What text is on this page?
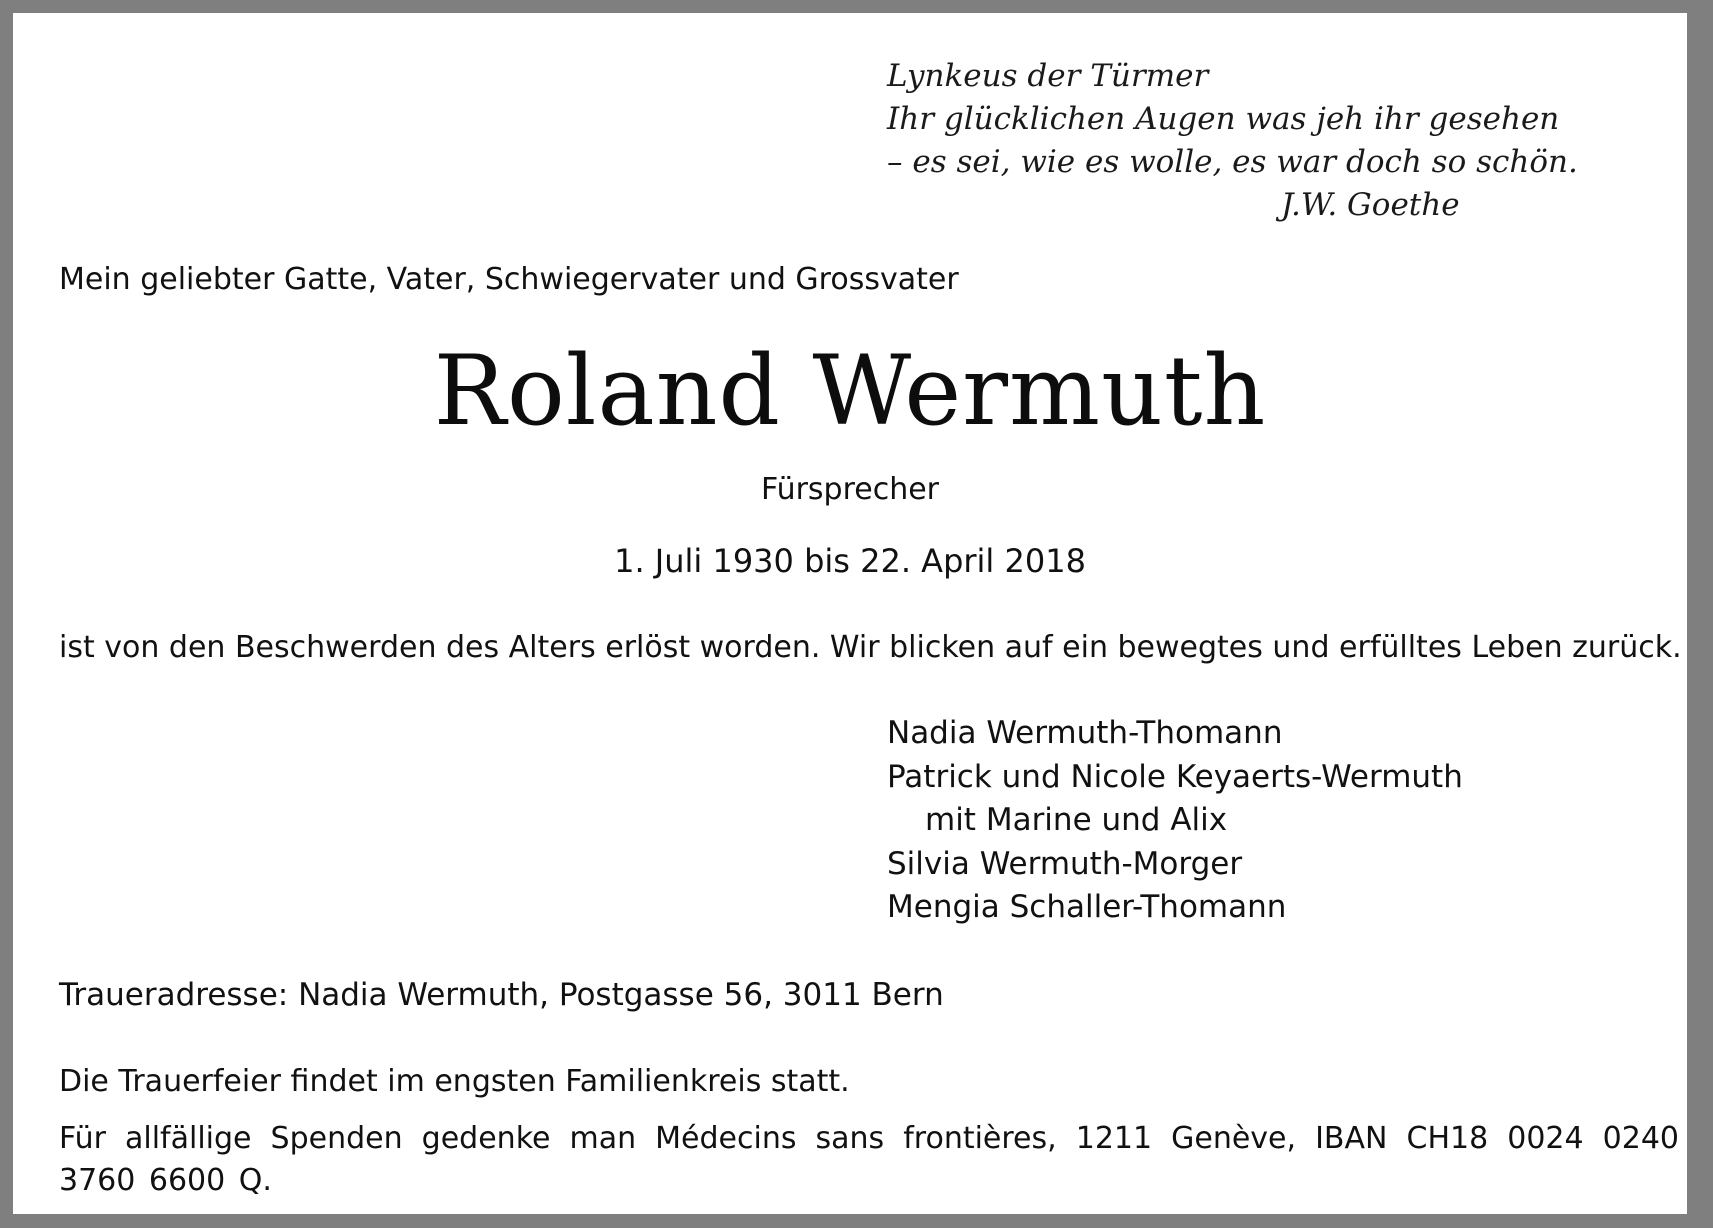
Lynkeus der Türmer
Ihr glücklichen Augen was jeh ihr gesehen
– es sei, wie es wolle, es war doch so schön.
J.W. Goethe
Mein geliebter Gatte, Vater, Schwiegervater und Grossvater
Roland Wermuth
Fürsprecher
1. Juli 1930 bis 22. April 2018
ist von den Beschwerden des Alters erlöst worden. Wir blicken auf ein bewegtes und erfülltes Leben zurück.
Nadia Wermuth-Thomann
Patrick und Nicole Keyaerts-Wermuth
mit Marine und Alix
Silvia Wermuth-Morger
Mengia Schaller-Thomann
Traueradresse: Nadia Wermuth, Postgasse 56, 3011 Bern
Die Trauerfeier findet im engsten Familienkreis statt.
Für allfällige Spenden gedenke man Médecins sans frontières, 1211 Genève, IBAN CH18 0024 0240 3760 6600 Q.
